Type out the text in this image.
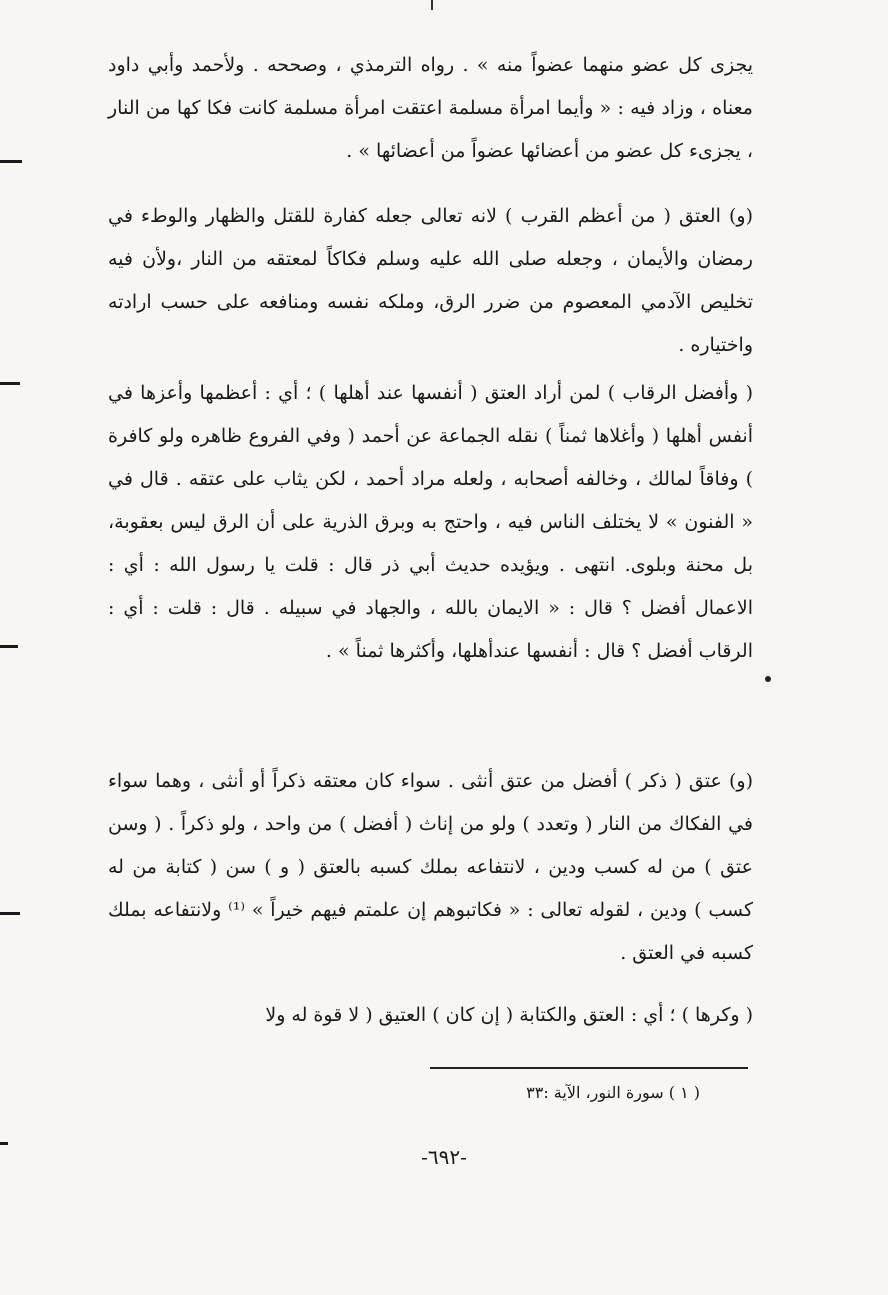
يجزى كل عضو منهما عضواً منه » . رواه الترمذي ، وصححه . ولأحمد وأبي داود معناه ، وزاد فيه : « وأيما امرأة مسلمة اعتقت امرأة مسلمة كانت فكا كها من النار ، يجزىء كل عضو من أعضائها عضواً من أعضائها » .

(و) العتق ( من أعظم القرب ) لانه تعالى جعله كفارة للقتل والظهار والوطء في رمضان والأيمان ، وجعله صلى الله عليه وسلم فكاكاً لمعتقه من النار ،ولأن فيه تخليص الآدمي المعصوم من ضرر الرق، وملكه نفسه ومنافعه على حسب ارادته واختياره .

( وأفضل الرقاب ) لمن أراد العتق ( أنفسها عند أهلها ) ؛ أي : أعظمها وأعزها في أنفس أهلها ( وأغلاها ثمناً ) نقله الجماعة عن أحمد ( وفي الفروع ظاهره ولو كافرة ) وفاقاً لمالك ، وخالفه أصحابه ، ولعله مراد أحمد ، لكن يثاب على عتقه . قال في « الفنون » لا يختلف الناس فيه ، واحتج به وبرق الذرية على أن الرق ليس بعقوبة، بل محنة وبلوى. انتهى . ويؤيده حديث أبي ذر قال : قلت يا رسول الله : أي : الاعمال أفضل ؟ قال : « الايمان بالله ، والجهاد في سبيله . قال : قلت : أي : الرقاب أفضل ؟ قال : أنفسها عندأهلها، وأكثرها ثمناً » .

(و) عتق ( ذكر ) أفضل من عتق أنثى . سواء كان معتقه ذكراً أو أنثى ، وهما سواء في الفكاك من النار ( وتعدد ) ولو من إناث ( أفضل ) من واحد ، ولو ذكراً . ( وسن عتق ) من له كسب ودين ، لانتفاعه بملك كسبه بالعتق ( و ) سن ( كتابة من له كسب ) ودين ، لقوله تعالى : « فكاتبوهم إن علمتم فيهم خيراً » ⁽¹⁾ ولانتفاعه بملك كسبه في العتق .

( وكرها ) ؛ أي : العتق والكتابة ( إن كان ) العتيق ( لا قوة له ولا

( ١ ) سورة النور، الآية :٣٣
-٦٩٢-
